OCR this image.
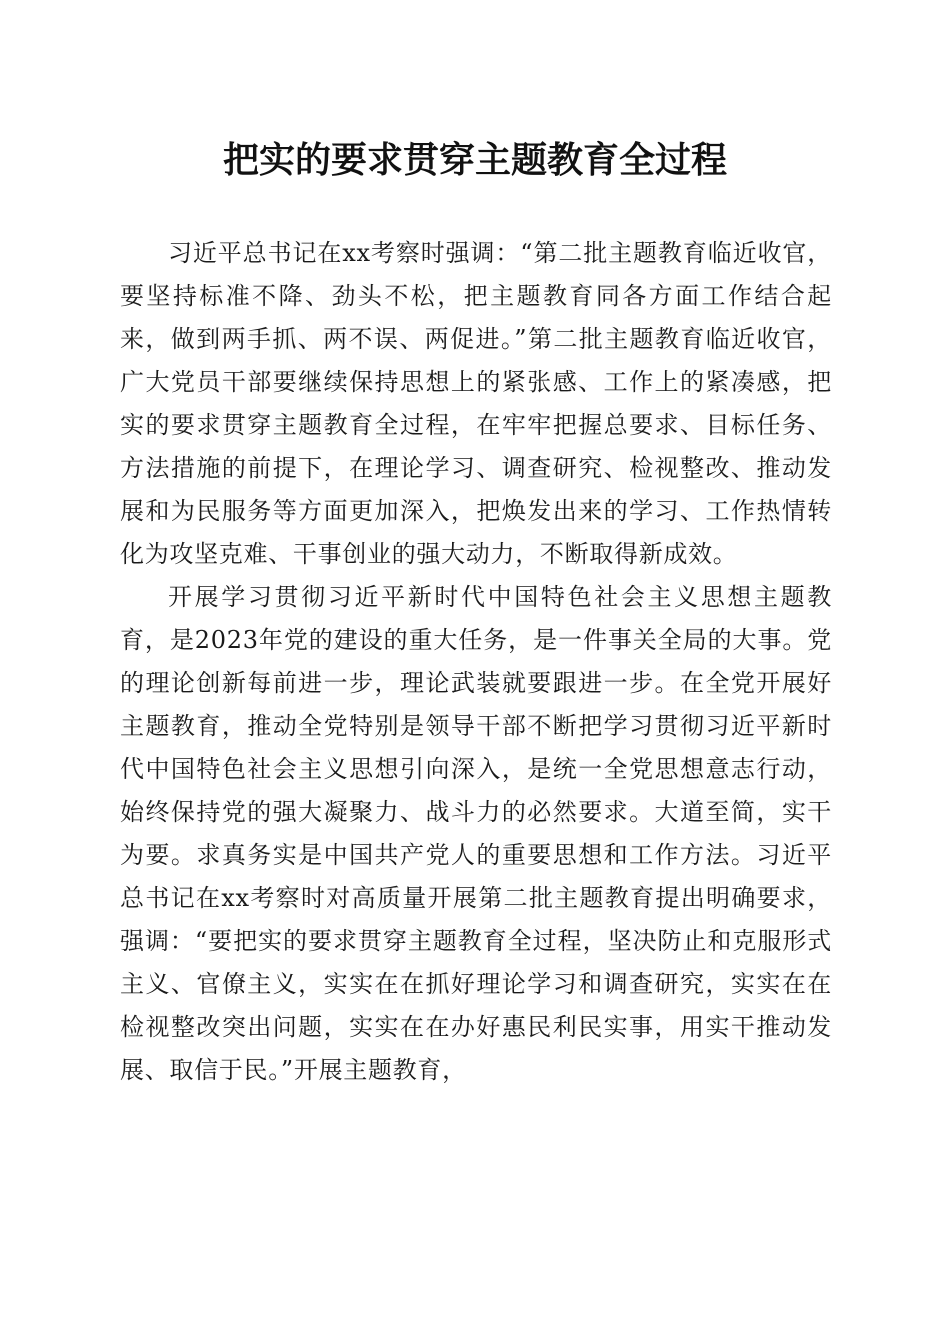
把实的要求贯穿主题教育全过程

习近平总书记在xx考察时强调：“第二批主题教育临近收官，要坚持标准不降、劲头不松，把主题教育同各方面工作结合起来，做到两手抓、两不误、两促进。”第二批主题教育临近收官，广大党员干部要继续保持思想上的紧张感、工作上的紧凑感，把实的要求贯穿主题教育全过程，在牢牢把握总要求、目标任务、方法措施的前提下，在理论学习、调查研究、检视整改、推动发展和为民服务等方面更加深入，把焕发出来的学习、工作热情转化为攻坚克难、干事创业的强大动力，不断取得新成效。

开展学习贯彻习近平新时代中国特色社会主义思想主题教育，是2023年党的建设的重大任务，是一件事关全局的大事。党的理论创新每前进一步，理论武装就要跟进一步。在全党开展好主题教育，推动全党特别是领导干部不断把学习贯彻习近平新时代中国特色社会主义思想引向深入，是统一全党思想意志行动，始终保持党的强大凝聚力、战斗力的必然要求。大道至简，实干为要。求真务实是中国共产党人的重要思想和工作方法。习近平总书记在xx考察时对高质量开展第二批主题教育提出明确要求，强调：“要把实的要求贯穿主题教育全过程，坚决防止和克服形式主义、官僚主义，实实在在抓好理论学习和调查研究，实实在在检视整改突出问题，实实在在办好惠民利民实事，用实干推动发展、取信于民。”开展主题教育，
